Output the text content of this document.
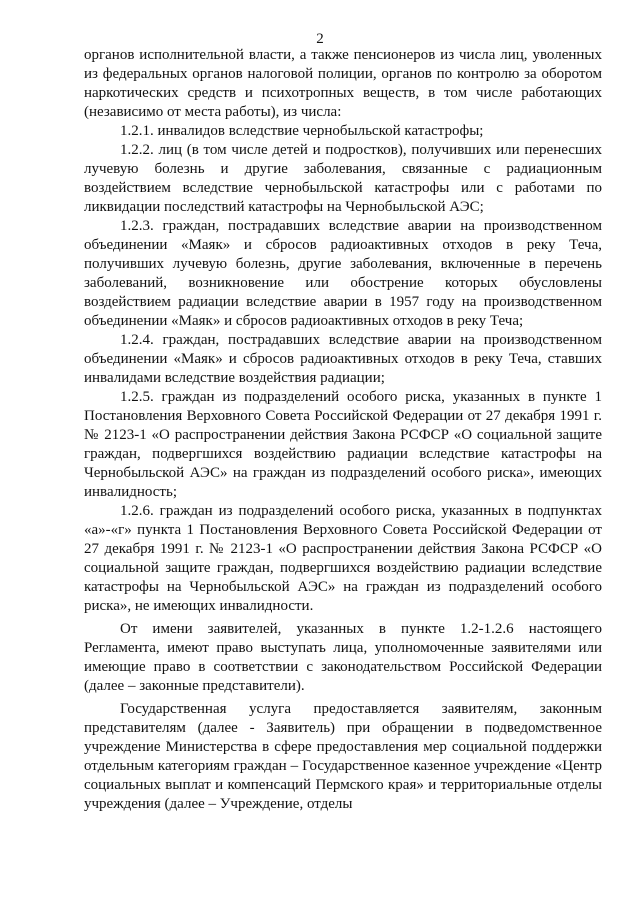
2

органов исполнительной власти, а также пенсионеров из числа лиц, уволенных из федеральных органов налоговой полиции, органов по контролю за оборотом наркотических средств и психотропных веществ, в том числе работающих (независимо от места работы), из числа:

1.2.1. инвалидов вследствие чернобыльской катастрофы;

1.2.2. лиц (в том числе детей и подростков), получивших или перенесших лучевую болезнь и другие заболевания, связанные с радиационным воздействием вследствие чернобыльской катастрофы или с работами по ликвидации последствий катастрофы на Чернобыльской АЭС;

1.2.3. граждан, пострадавших вследствие аварии на производственном объединении «Маяк» и сбросов радиоактивных отходов в реку Теча, получивших лучевую болезнь, другие заболевания, включенные в перечень заболеваний, возникновение или обострение которых обусловлены воздействием радиации вследствие аварии в 1957 году на производственном объединении «Маяк» и сбросов радиоактивных отходов в реку Теча;

1.2.4. граждан, пострадавших вследствие аварии на производственном объединении «Маяк» и сбросов радиоактивных отходов в реку Теча, ставших инвалидами вследствие воздействия радиации;

1.2.5. граждан из подразделений особого риска, указанных в пункте 1 Постановления Верховного Совета Российской Федерации от 27 декабря 1991 г. № 2123-1 «О распространении действия Закона РСФСР «О социальной защите граждан, подвергшихся воздействию радиации вследствие катастрофы на Чернобыльской АЭС» на граждан из подразделений особого риска», имеющих инвалидность;

1.2.6. граждан из подразделений особого риска, указанных в подпунктах «а»-«г» пункта 1 Постановления Верховного Совета Российской Федерации от 27 декабря 1991 г. № 2123-1 «О распространении действия Закона РСФСР «О социальной защите граждан, подвергшихся воздействию радиации вследствие катастрофы на Чернобыльской АЭС» на граждан из подразделений особого риска», не имеющих инвалидности.

От имени заявителей, указанных в пункте 1.2-1.2.6 настоящего Регламента, имеют право выступать лица, уполномоченные заявителями или имеющие право в соответствии с законодательством Российской Федерации (далее – законные представители).

Государственная услуга предоставляется заявителям, законным представителям (далее - Заявитель) при обращении в подведомственное учреждение Министерства в сфере предоставления мер социальной поддержки отдельным категориям граждан – Государственное казенное учреждение «Центр социальных выплат и компенсаций Пермского края» и территориальные отделы учреждения (далее – Учреждение, отделы
